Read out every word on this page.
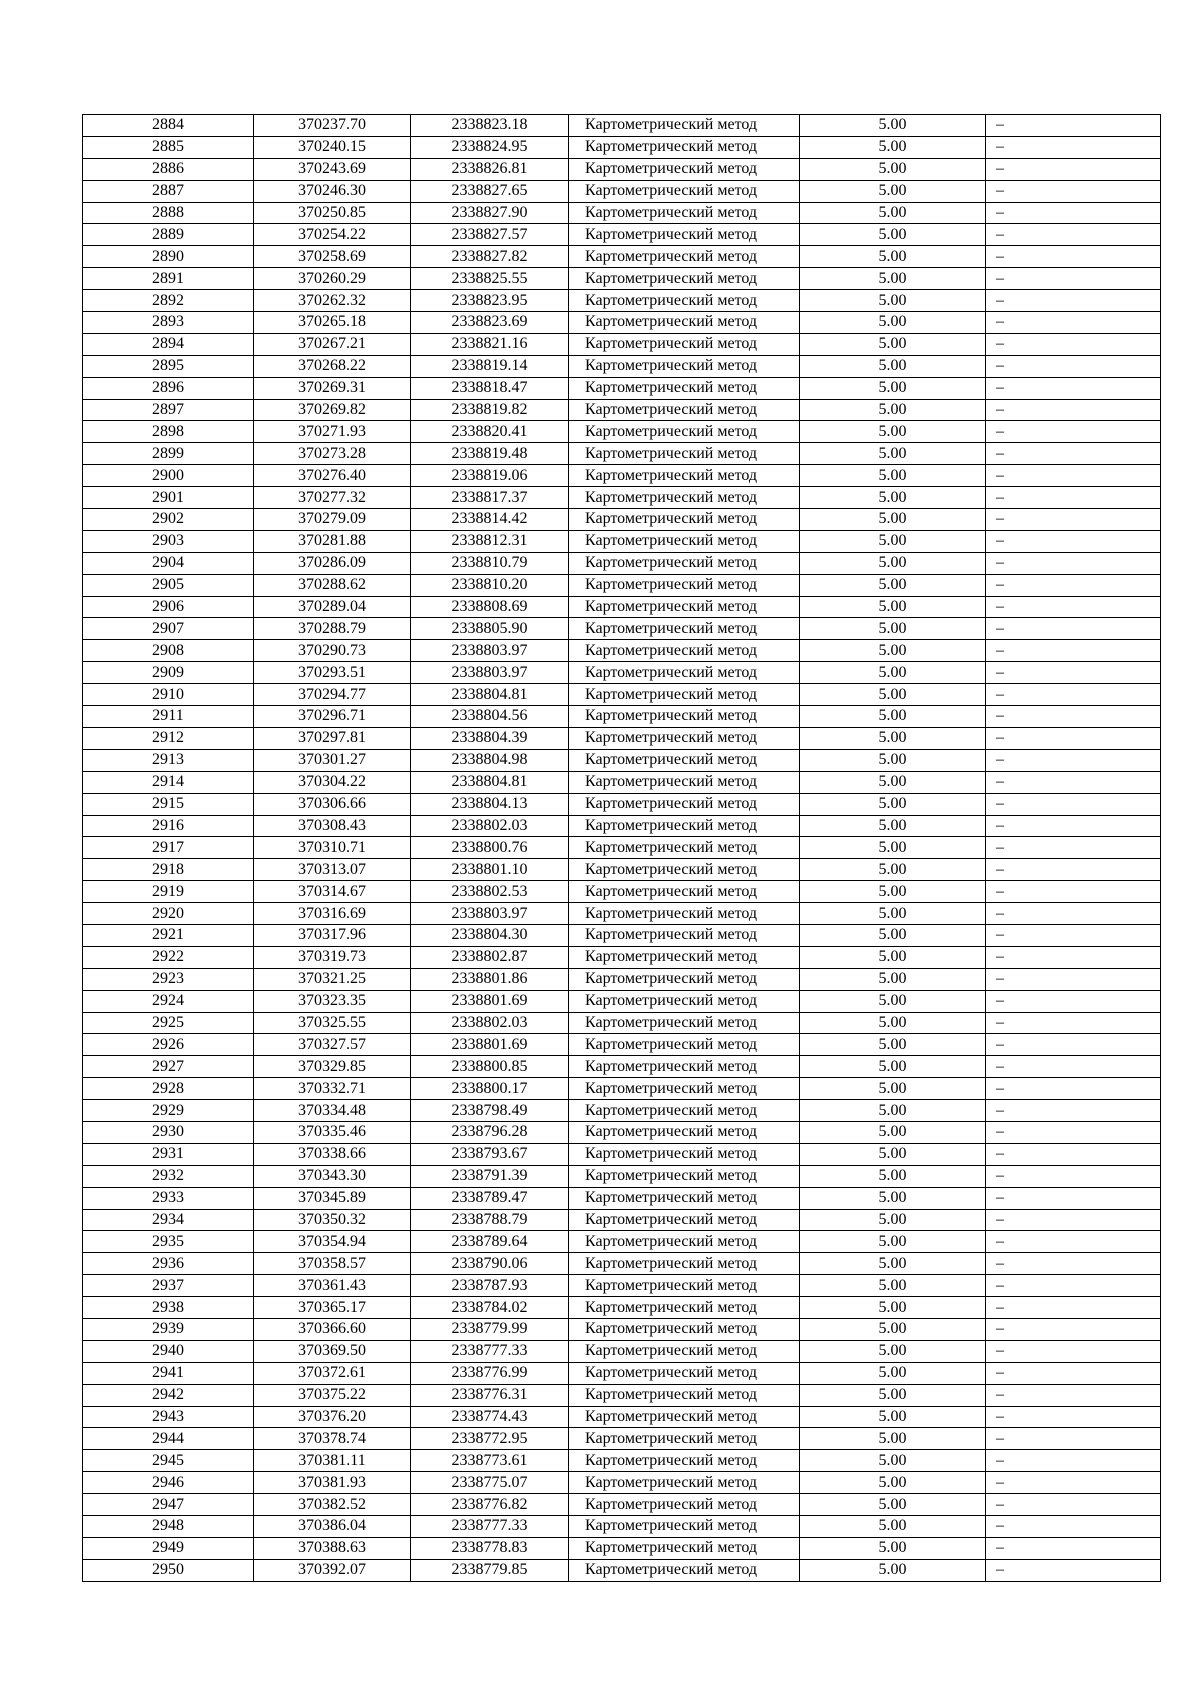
2884	370237.70	2338823.18	Картометрический метод	5.00	–
2885	370240.15	2338824.95	Картометрический метод	5.00	–
2886	370243.69	2338826.81	Картометрический метод	5.00	–
2887	370246.30	2338827.65	Картометрический метод	5.00	–
2888	370250.85	2338827.90	Картометрический метод	5.00	–
2889	370254.22	2338827.57	Картометрический метод	5.00	–
2890	370258.69	2338827.82	Картометрический метод	5.00	–
2891	370260.29	2338825.55	Картометрический метод	5.00	–
2892	370262.32	2338823.95	Картометрический метод	5.00	–
2893	370265.18	2338823.69	Картометрический метод	5.00	–
2894	370267.21	2338821.16	Картометрический метод	5.00	–
2895	370268.22	2338819.14	Картометрический метод	5.00	–
2896	370269.31	2338818.47	Картометрический метод	5.00	–
2897	370269.82	2338819.82	Картометрический метод	5.00	–
2898	370271.93	2338820.41	Картометрический метод	5.00	–
2899	370273.28	2338819.48	Картометрический метод	5.00	–
2900	370276.40	2338819.06	Картометрический метод	5.00	–
2901	370277.32	2338817.37	Картометрический метод	5.00	–
2902	370279.09	2338814.42	Картометрический метод	5.00	–
2903	370281.88	2338812.31	Картометрический метод	5.00	–
2904	370286.09	2338810.79	Картометрический метод	5.00	–
2905	370288.62	2338810.20	Картометрический метод	5.00	–
2906	370289.04	2338808.69	Картометрический метод	5.00	–
2907	370288.79	2338805.90	Картометрический метод	5.00	–
2908	370290.73	2338803.97	Картометрический метод	5.00	–
2909	370293.51	2338803.97	Картометрический метод	5.00	–
2910	370294.77	2338804.81	Картометрический метод	5.00	–
2911	370296.71	2338804.56	Картометрический метод	5.00	–
2912	370297.81	2338804.39	Картометрический метод	5.00	–
2913	370301.27	2338804.98	Картометрический метод	5.00	–
2914	370304.22	2338804.81	Картометрический метод	5.00	–
2915	370306.66	2338804.13	Картометрический метод	5.00	–
2916	370308.43	2338802.03	Картометрический метод	5.00	–
2917	370310.71	2338800.76	Картометрический метод	5.00	–
2918	370313.07	2338801.10	Картометрический метод	5.00	–
2919	370314.67	2338802.53	Картометрический метод	5.00	–
2920	370316.69	2338803.97	Картометрический метод	5.00	–
2921	370317.96	2338804.30	Картометрический метод	5.00	–
2922	370319.73	2338802.87	Картометрический метод	5.00	–
2923	370321.25	2338801.86	Картометрический метод	5.00	–
2924	370323.35	2338801.69	Картометрический метод	5.00	–
2925	370325.55	2338802.03	Картометрический метод	5.00	–
2926	370327.57	2338801.69	Картометрический метод	5.00	–
2927	370329.85	2338800.85	Картометрический метод	5.00	–
2928	370332.71	2338800.17	Картометрический метод	5.00	–
2929	370334.48	2338798.49	Картометрический метод	5.00	–
2930	370335.46	2338796.28	Картометрический метод	5.00	–
2931	370338.66	2338793.67	Картометрический метод	5.00	–
2932	370343.30	2338791.39	Картометрический метод	5.00	–
2933	370345.89	2338789.47	Картометрический метод	5.00	–
2934	370350.32	2338788.79	Картометрический метод	5.00	–
2935	370354.94	2338789.64	Картометрический метод	5.00	–
2936	370358.57	2338790.06	Картометрический метод	5.00	–
2937	370361.43	2338787.93	Картометрический метод	5.00	–
2938	370365.17	2338784.02	Картометрический метод	5.00	–
2939	370366.60	2338779.99	Картометрический метод	5.00	–
2940	370369.50	2338777.33	Картометрический метод	5.00	–
2941	370372.61	2338776.99	Картометрический метод	5.00	–
2942	370375.22	2338776.31	Картометрический метод	5.00	–
2943	370376.20	2338774.43	Картометрический метод	5.00	–
2944	370378.74	2338772.95	Картометрический метод	5.00	–
2945	370381.11	2338773.61	Картометрический метод	5.00	–
2946	370381.93	2338775.07	Картометрический метод	5.00	–
2947	370382.52	2338776.82	Картометрический метод	5.00	–
2948	370386.04	2338777.33	Картометрический метод	5.00	–
2949	370388.63	2338778.83	Картометрический метод	5.00	–
2950	370392.07	2338779.85	Картометрический метод	5.00	–
